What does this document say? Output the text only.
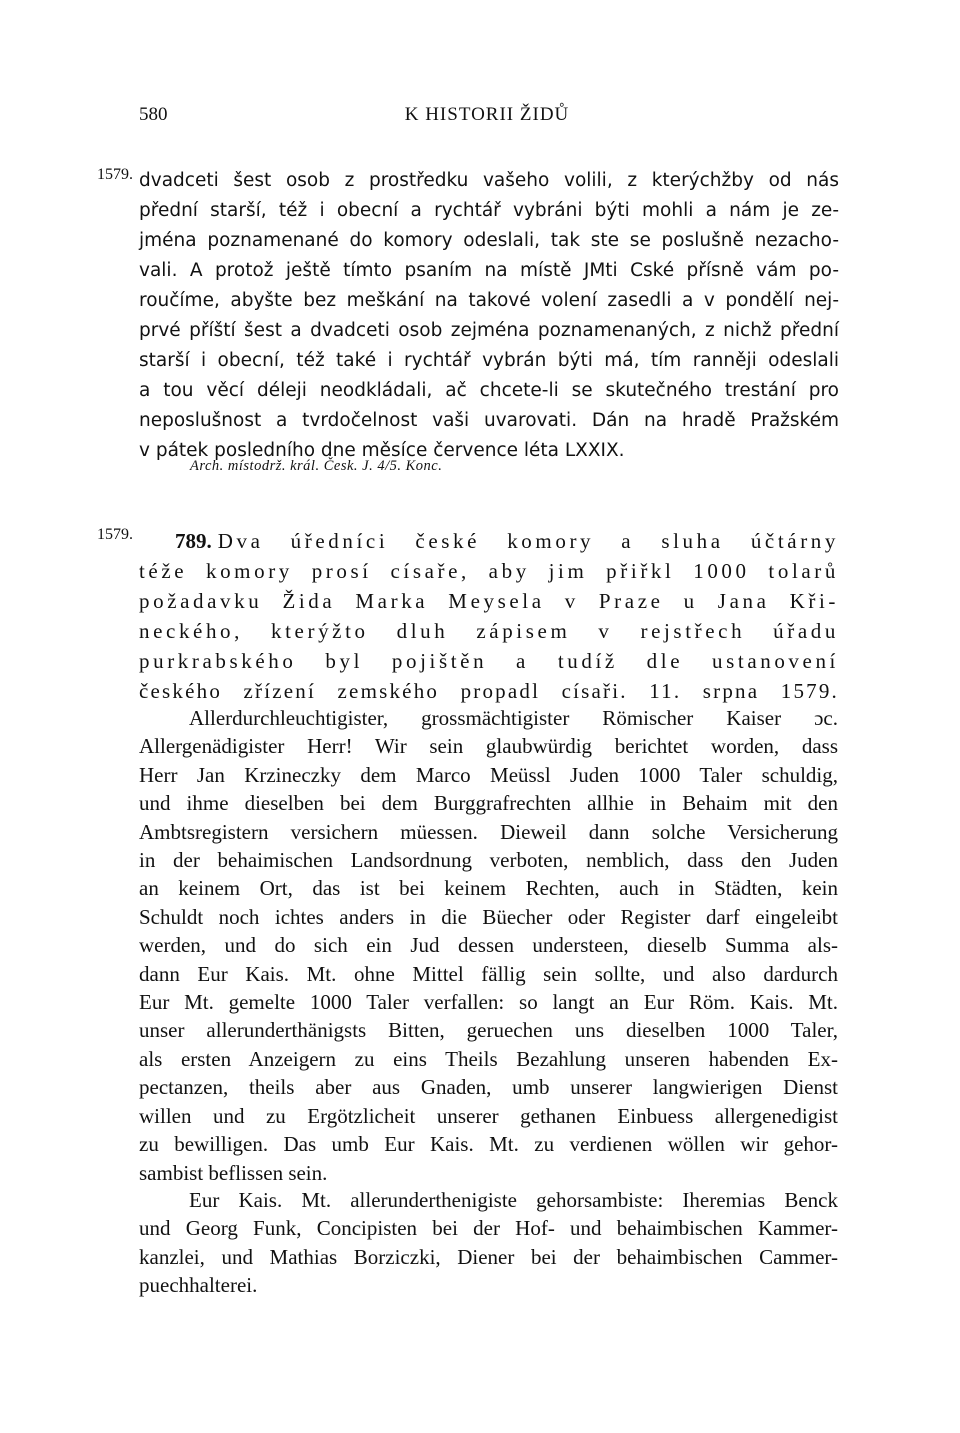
580	K HISTORII ŽIDŮ
1579. dvadceti šest osob z prostředku vašeho volili, z kterýchžby od nás

přední starší, též i obecní a rychtář vybráni býti mohli a nám je ze-

jména poznamenané do komory odeslali, tak ste se poslušně nezacho-

vali. A protož ještě tímto psaním na místě JMti Cské přísně vám po-

roučíme, abyšte bez meškání na takové volení zasedli a v pondělí nej-

prvé příští šest a dvadceti osob zejména poznamenaných, z nichž přední

starší i obecní, též také i rychtář vybrán býti má, tím ranněji odeslali

a tou věcí déleji neodkládali, ač chcete-li se skutečného trestání pro

neposlušnost a tvrdočelnost vaši uvarovati. Dán na hradě Pražském

v pátek posledního dne měsíce července léta LXXIX.

Arch. místodrž. král. Česk. J. 4/5. Konc.
1579.	789. Dva úředníci české komory a sluha účtárny
téže komory prosí císaře, aby jim přiřkl 1000 tolarů
požadavku Žida Marka Meysela v Praze u Jana Kři-
neckého, kterýžto dluh zápisem v rejstřech úřadu
purkrabského byl pojištěn a tudíž dle ustanovení
českého zřízení zemského propadl císaři. 11. srpna 1579.

Allerdurchleuchtigister, grossmächtigister Römischer Kaiser ɔc.

Allergenädigister Herr! Wir sein glaubwürdig berichtet worden, dass

Herr Jan Krzineczky dem Marco Meüssl Juden 1000 Taler schuldig,

und ihme dieselben bei dem Burggrafrechten allhie in Behaim mit den

Ambtsregistern versichern müessen. Dieweil dann solche Versicherung

in der behaimischen Landsordnung verboten, nemblich, dass den Juden

an keinem Ort, das ist bei keinem Rechten, auch in Städten, kein

Schuldt noch ichtes anders in die Büecher oder Register darf eingeleibt

werden, und do sich ein Jud dessen understeen, dieselb Summa als-

dann Eur Kais. Mt. ohne Mittel fällig sein sollte, und also dardurch

Eur Mt. gemelte 1000 Taler verfallen: so langt an Eur Röm. Kais. Mt.

unser allerunderthänigsts Bitten, geruechen uns dieselben 1000 Taler,

als ersten Anzeigern zu eins Theils Bezahlung unseren habenden Ex-

pectanzen, theils aber aus Gnaden, umb unserer langwierigen Dienst

willen und zu Ergötzlicheit unserer gethanen Einbuess allergenedigist

zu bewilligen. Das umb Eur Kais. Mt. zu verdienen wöllen wir gehor-

sambist beflissen sein.

Eur Kais. Mt. allerunderthenigiste gehorsambiste: Iheremias Benck

und Georg Funk, Concipisten bei der Hof- und behaimbischen Kammer-

kanzlei, und Mathias Borziczki, Diener bei der behaimbischen Cammer-

puechhalterei.
